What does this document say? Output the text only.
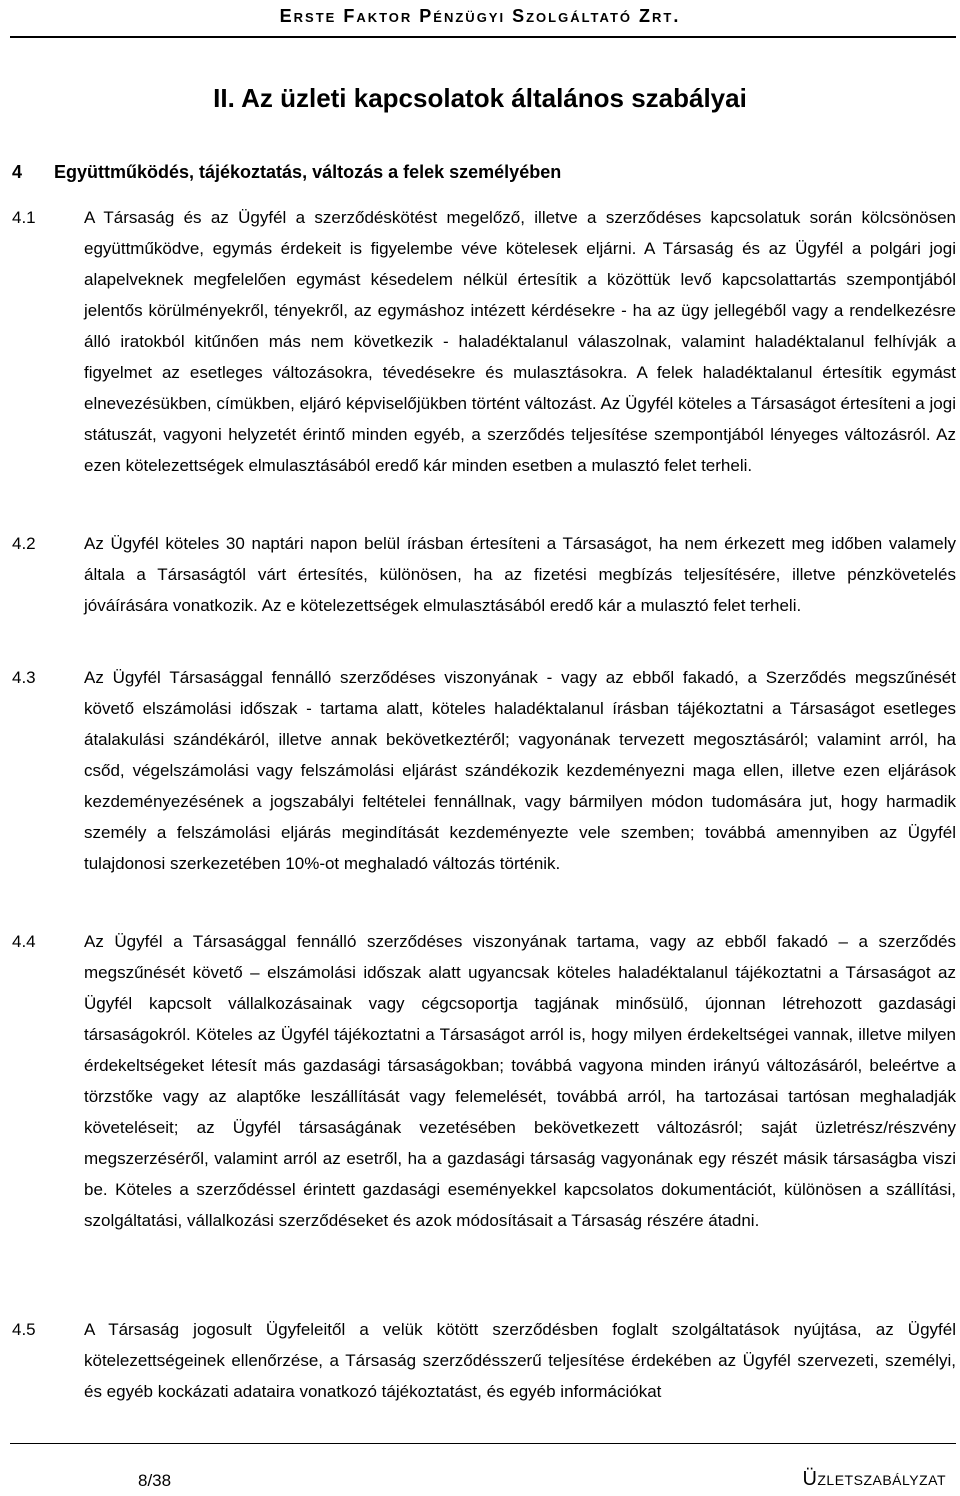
Erste Faktor Pénzügyi Szolgáltató Zrt.
II. Az üzleti kapcsolatok általános szabályai
4 Együttműködés, tájékoztatás, változás a felek személyében
4.1	A Társaság és az Ügyfél a szerződéskötést megelőző, illetve a szerződéses kapcsolatuk során kölcsönösen együttműködve, egymás érdekeit is figyelembe véve kötelesek eljárni. A Társaság és az Ügyfél a polgári jogi alapelveknek megfelelően egymást késedelem nélkül értesítik a közöttük levő kapcsolattartás szempontjából jelentős körülményekről, tényekről, az egymáshoz intézett kérdésekre - ha az ügy jellegéből vagy a rendelkezésre álló iratokból kitűnően más nem következik - haladéktalanul válaszolnak, valamint haladéktalanul felhívják a figyelmet az esetleges változásokra, tévedésekre és mulasztásokra. A felek haladéktalanul értesítik egymást elnevezésükben, címükben, eljáró képviselőjükben történt változást. Az Ügyfél köteles a Társaságot értesíteni a jogi státuszát, vagyoni helyzetét érintő minden egyéb, a szerződés teljesítése szempontjából lényeges változásról. Az ezen kötelezettségek elmulasztásából eredő kár minden esetben a mulasztó felet terheli.
4.2	Az Ügyfél köteles 30 naptári napon belül írásban értesíteni a Társaságot, ha nem érkezett meg időben valamely általa a Társaságtól várt értesítés, különösen, ha az fizetési megbízás teljesítésére, illetve pénzkövetelés jóváírására vonatkozik. Az e kötelezettségek elmulasztásából eredő kár a mulasztó felet terheli.
4.3	Az Ügyfél Társasággal fennálló szerződéses viszonyának - vagy az ebből fakadó, a Szerződés megszűnését követő elszámolási időszak - tartama alatt, köteles haladéktalanul írásban tájékoztatni a Társaságot esetleges átalakulási szándékáról, illetve annak bekövetkeztéről; vagyonának tervezett megosztásáról; valamint arról, ha csőd, végelszámolási vagy felszámolási eljárást szándékozik kezdeményezni maga ellen, illetve ezen eljárások kezdeményezésének a jogszabályi feltételei fennállnak, vagy bármilyen módon tudomására jut, hogy harmadik személy a felszámolási eljárás megindítását kezdeményezte vele szemben; továbbá amennyiben az Ügyfél tulajdonosi szerkezetében 10%-ot meghaladó változás történik.
4.4	Az Ügyfél a Társasággal fennálló szerződéses viszonyának tartama, vagy az ebből fakadó – a szerződés megszűnését követő – elszámolási időszak alatt ugyancsak köteles haladéktalanul tájékoztatni a Társaságot az Ügyfél kapcsolt vállalkozásainak vagy cégcsoportja tagjának minősülő, újonnan létrehozott gazdasági társaságokról. Köteles az Ügyfél tájékoztatni a Társaságot arról is, hogy milyen érdekeltségei vannak, illetve milyen érdekeltségeket létesít más gazdasági társaságokban; továbbá vagyona minden irányú változásáról, beleértve a törzstőke vagy az alaptőke leszállítását vagy felemelését, továbbá arról, ha tartozásai tartósan meghaladják követeléseit; az Ügyfél társaságának vezetésében bekövetkezett változásról; saját üzletrész/részvény megszerzéséről, valamint arról az esetről, ha a gazdasági társaság vagyonának egy részét másik társaságba viszi be. Köteles a szerződéssel érintett gazdasági eseményekkel kapcsolatos dokumentációt, különösen a szállítási, szolgáltatási, vállalkozási szerződéseket és azok módosításait a Társaság részére átadni.
4.5	A Társaság jogosult Ügyfeleitől a velük kötött szerződésben foglalt szolgáltatások nyújtása, az Ügyfél kötelezettségeinek ellenőrzése, a Társaság szerződésszerű teljesítése érdekében az Ügyfél szervezeti, személyi, és egyéb kockázati adataira vonatkozó tájékoztatást, és egyéb információkat
8/38	Üzletszabályzat
